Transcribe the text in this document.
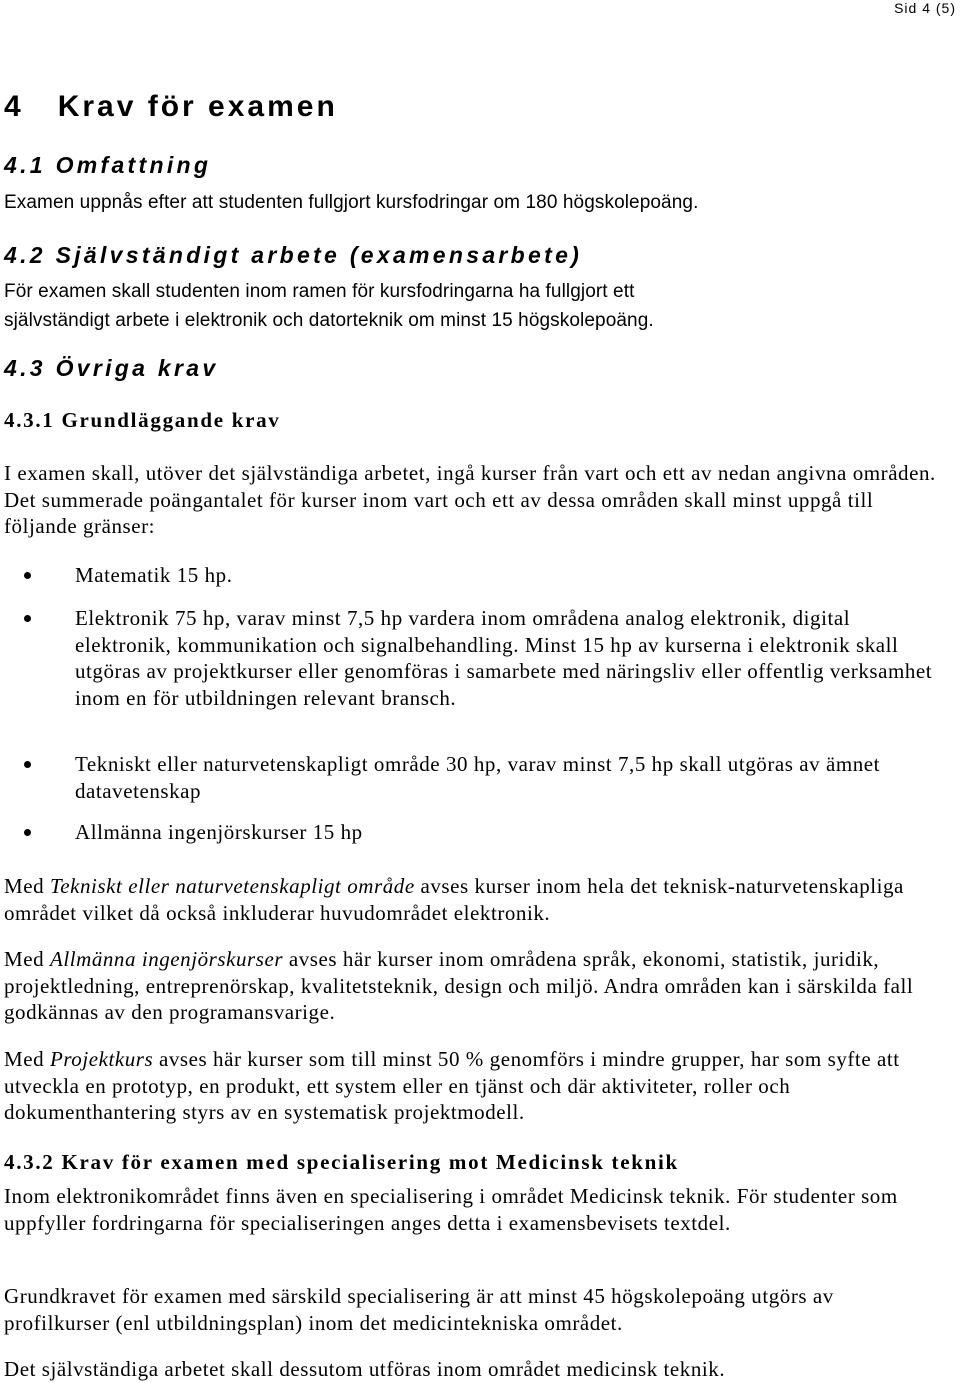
Sid 4 (5)
4   Krav för examen
4.1 Omfattning
Examen uppnås efter att studenten fullgjort kursfodringar om 180 högskolepoäng.
4.2 Självständigt arbete (examensarbete)
För examen skall studenten inom ramen för kursfodringarna ha fullgjort ett
självständigt arbete i elektronik och datorteknik om minst 15 högskolepoäng.
4.3 Övriga krav
4.3.1 Grundläggande krav
I examen skall, utöver det självständiga arbetet, ingå kurser från vart och ett av nedan angivna områden. Det summerade poängantalet för kurser inom vart och ett av dessa områden skall minst uppgå till följande gränser:
Matematik 15 hp.
Elektronik 75 hp, varav minst 7,5 hp vardera inom områdena analog elektronik, digital elektronik, kommunikation och signalbehandling. Minst 15 hp av kurserna i elektronik skall utgöras av projektkurser eller genomföras i samarbete med näringsliv eller offentlig verksamhet inom en för utbildningen relevant bransch.
Tekniskt eller naturvetenskapligt område 30 hp, varav minst 7,5 hp skall utgöras av ämnet datavetenskap
Allmänna ingenjörskurser 15 hp
Med Tekniskt eller naturvetenskapligt område avses kurser inom hela det teknisk-naturvetenskapliga området vilket då också inkluderar huvudområdet elektronik.
Med Allmänna ingenjörskurser avses här kurser inom områdena språk, ekonomi, statistik, juridik, projektledning, entreprenörskap, kvalitetsteknik, design och miljö. Andra områden kan i särskilda fall godkännas av den programansvarige.
Med Projektkurs avses här kurser som till minst 50 % genomförs i mindre grupper, har som syfte att utveckla en prototyp, en produkt, ett system eller en tjänst och där aktiviteter, roller och dokumenthantering styrs av en systematisk projektmodell.
4.3.2 Krav för examen med specialisering mot Medicinsk teknik
Inom elektronikområdet finns även en specialisering i området Medicinsk teknik. För studenter som uppfyller fordringarna för specialiseringen anges detta i examensbevisets textdel.
Grundkravet för examen med särskild specialisering är att minst 45 högskolepoäng utgörs av profilkurser (enl utbildningsplan) inom det medicintekniska området.
Det självständiga arbetet skall dessutom utföras inom området medicinsk teknik.
